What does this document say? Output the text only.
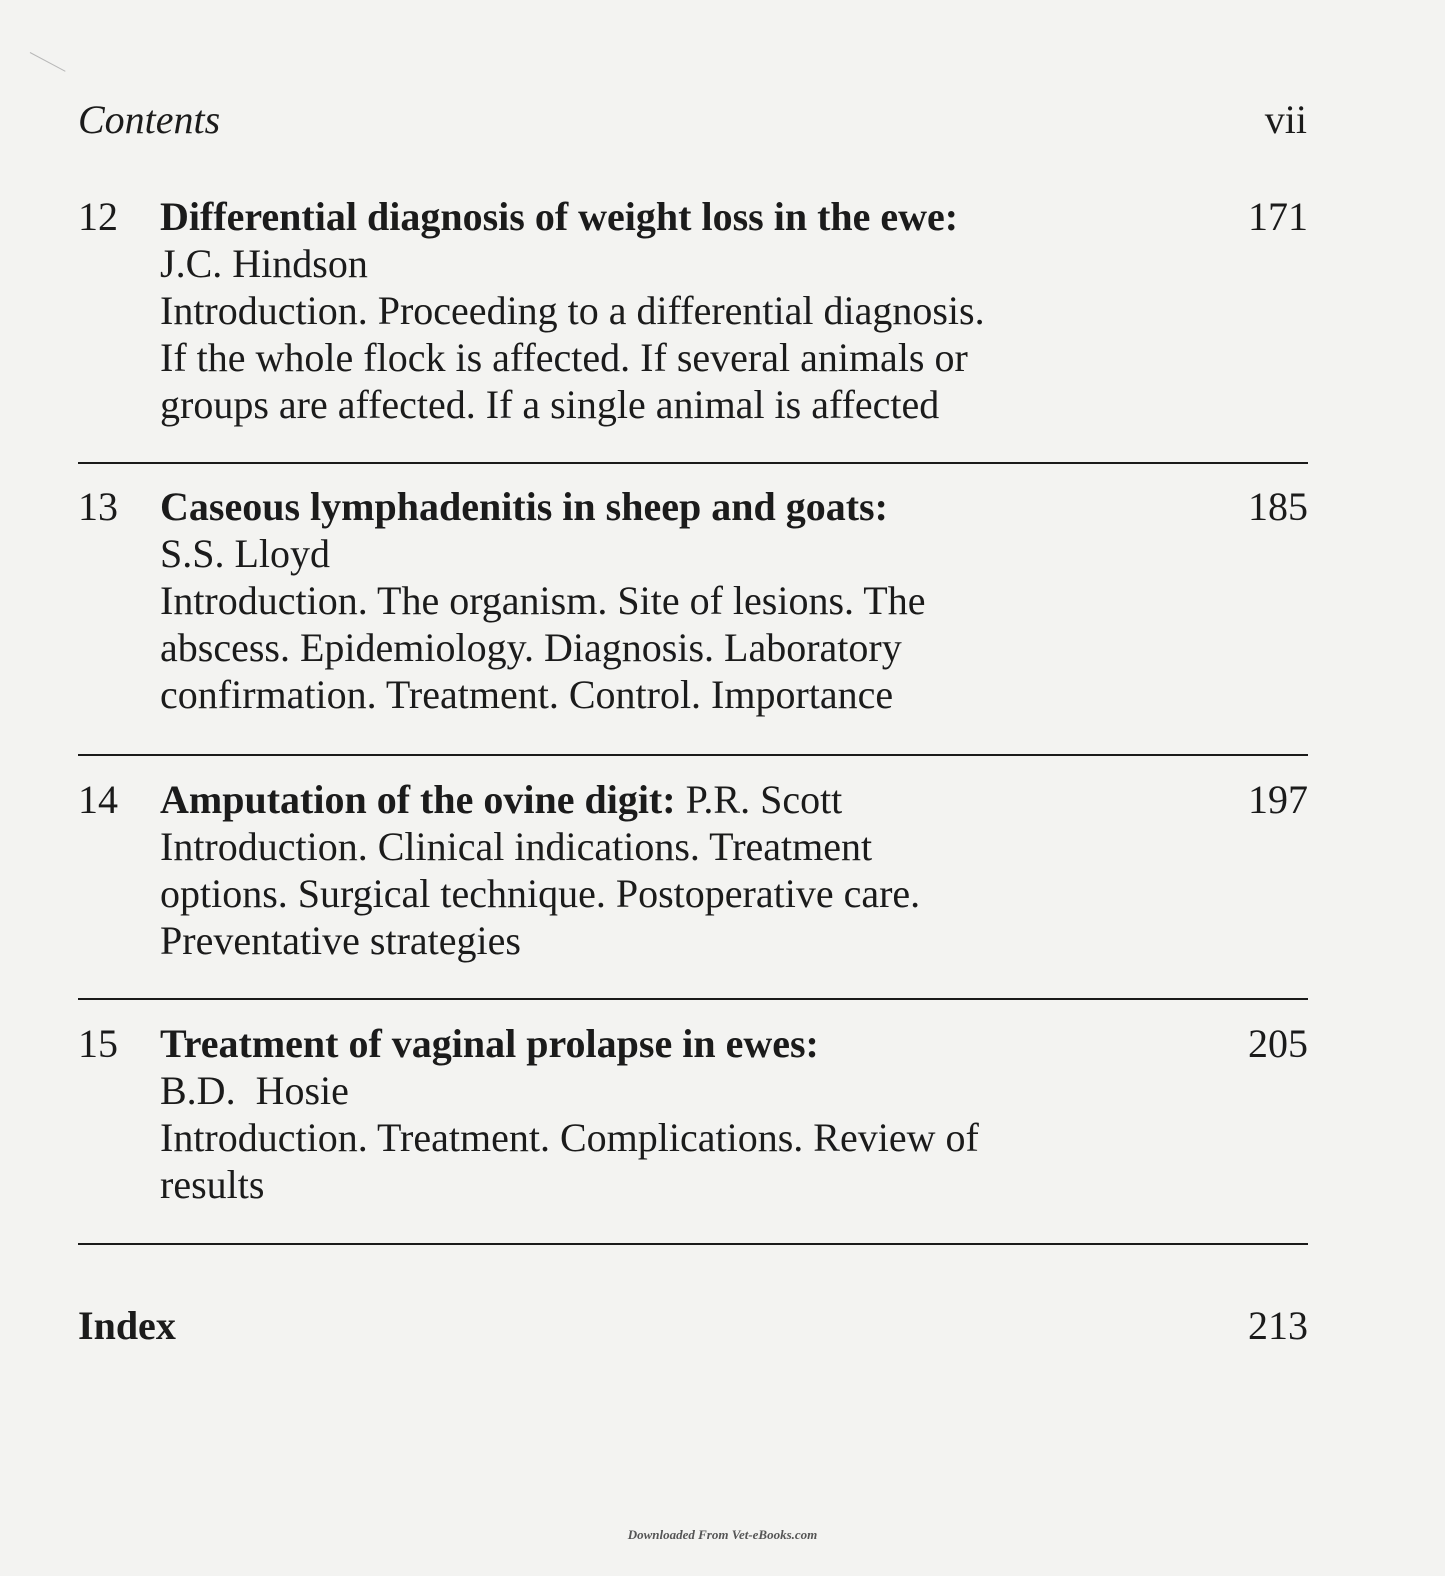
Contents	vii
12 Differential diagnosis of weight loss in the ewe:
J.C. Hindson
Introduction. Proceeding to a differential diagnosis.
If the whole flock is affected. If several animals or
groups are affected. If a single animal is affected
171
13 Caseous lymphadenitis in sheep and goats:
S.S. Lloyd
Introduction. The organism. Site of lesions. The
abscess. Epidemiology. Diagnosis. Laboratory
confirmation. Treatment. Control. Importance
185
14 Amputation of the ovine digit: P.R. Scott
Introduction. Clinical indications. Treatment
options. Surgical technique. Postoperative care.
Preventative strategies
197
15 Treatment of vaginal prolapse in ewes:
B.D.  Hosie
Introduction. Treatment. Complications. Review of
results
205
Index	213
Downloaded From Vet-eBooks.com
